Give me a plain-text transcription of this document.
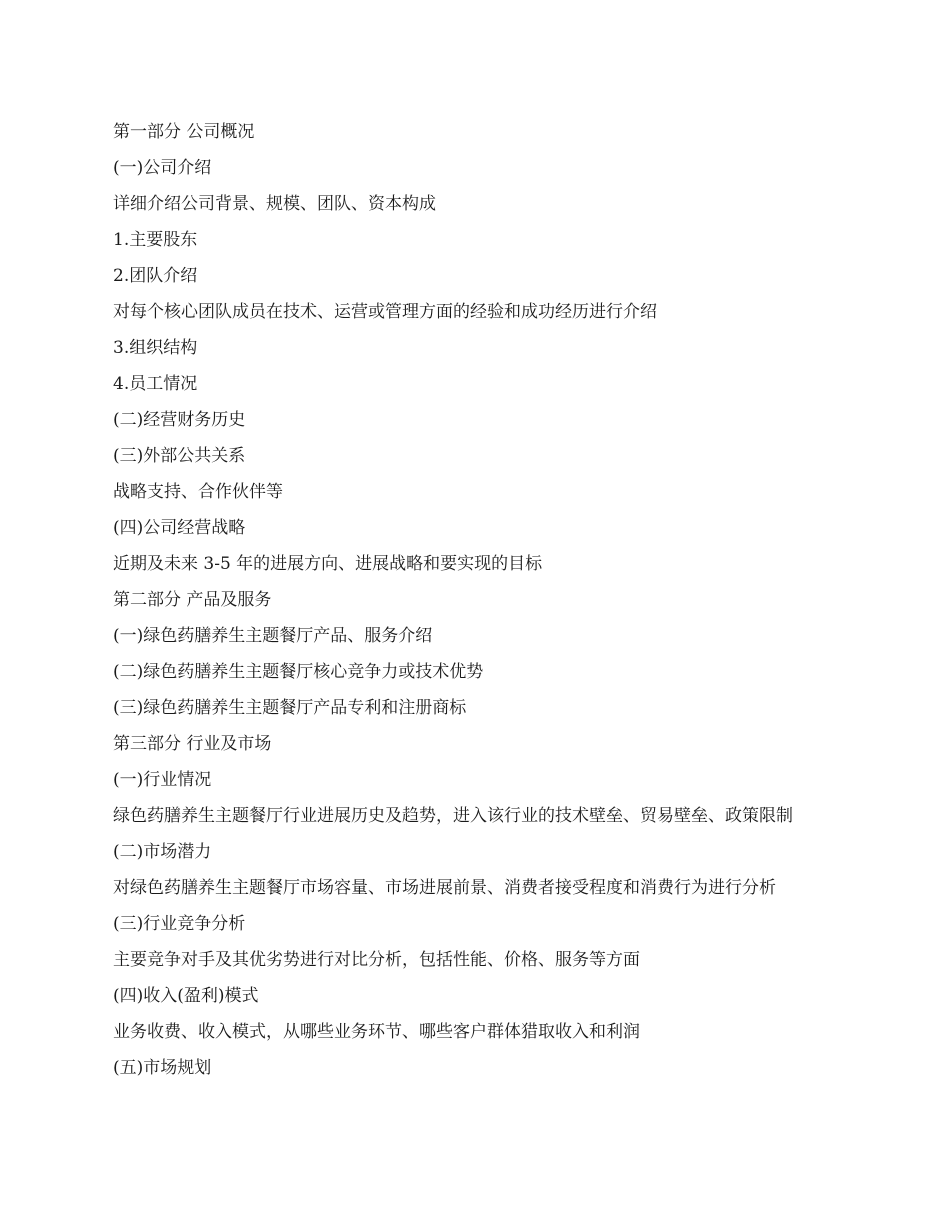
第一部分 公司概况

(一)公司介绍

详细介绍公司背景、规模、团队、资本构成

1.主要股东

2.团队介绍

对每个核心团队成员在技术、运营或管理方面的经验和成功经历进行介绍

3.组织结构

4.员工情况

(二)经营财务历史

(三)外部公共关系

战略支持、合作伙伴等

(四)公司经营战略

近期及未来 3-5 年的进展方向、进展战略和要实现的目标

第二部分 产品及服务

(一)绿色药膳养生主题餐厅产品、服务介绍

(二)绿色药膳养生主题餐厅核心竞争力或技术优势

(三)绿色药膳养生主题餐厅产品专利和注册商标

第三部分 行业及市场

(一)行业情况

绿色药膳养生主题餐厅行业进展历史及趋势，进入该行业的技术壁垒、贸易壁垒、政策限制

(二)市场潜力

对绿色药膳养生主题餐厅市场容量、市场进展前景、消费者接受程度和消费行为进行分析

(三)行业竞争分析

主要竞争对手及其优劣势进行对比分析，包括性能、价格、服务等方面

(四)收入(盈利)模式

业务收费、收入模式，从哪些业务环节、哪些客户群体猎取收入和利润

(五)市场规划
